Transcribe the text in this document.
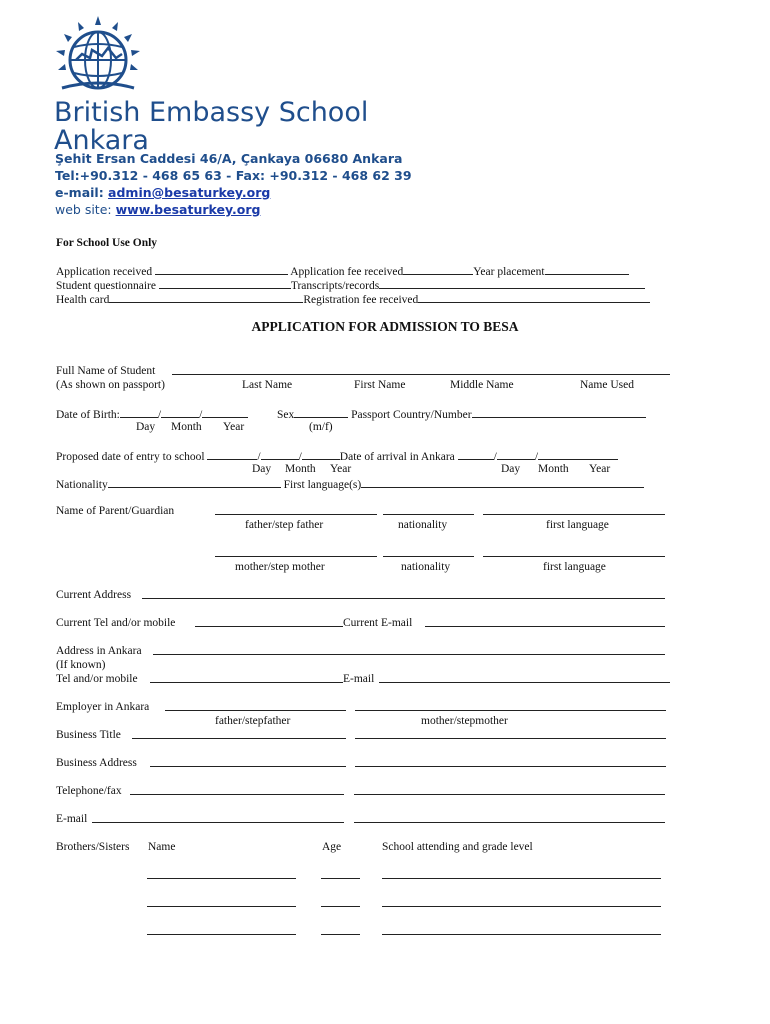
British Embassy School
Ankara
Şehit Ersan Caddesi 46/A, Çankaya 06680 Ankara
Tel:+90.312 - 468 65 63 - Fax: +90.312 - 468 62 39
e-mail: admin@besaturkey.org
web site: www.besaturkey.org
For School Use Only
Application received	Application fee received	Year placement
Student questionnaire	Transcripts/records
Health card	Registration fee received
APPLICATION FOR ADMISSION TO BESA
Full Name of Student
(As shown on passport)	Last Name	First Name	Middle Name	Name Used
Date of Birth:	/	/	Sex	Passport Country/Number
Day Month Year	(m/f)
Proposed date of entry to school	/	/	Date of arrival in Ankara	/	/
Day Month Year	Day Month Year
Nationality	First language(s)
Name of Parent/Guardian
father/step father	nationality	first language
mother/step mother	nationality	first language
Current Address
Current Tel and/or mobile	Current E-mail
Address in Ankara
(If known)
Tel and/or mobile	E-mail
Employer in Ankara
father/stepfather	mother/stepmother
Business Title
Business Address
Telephone/fax
E-mail
Brothers/Sisters Name	Age	School attending and grade level
